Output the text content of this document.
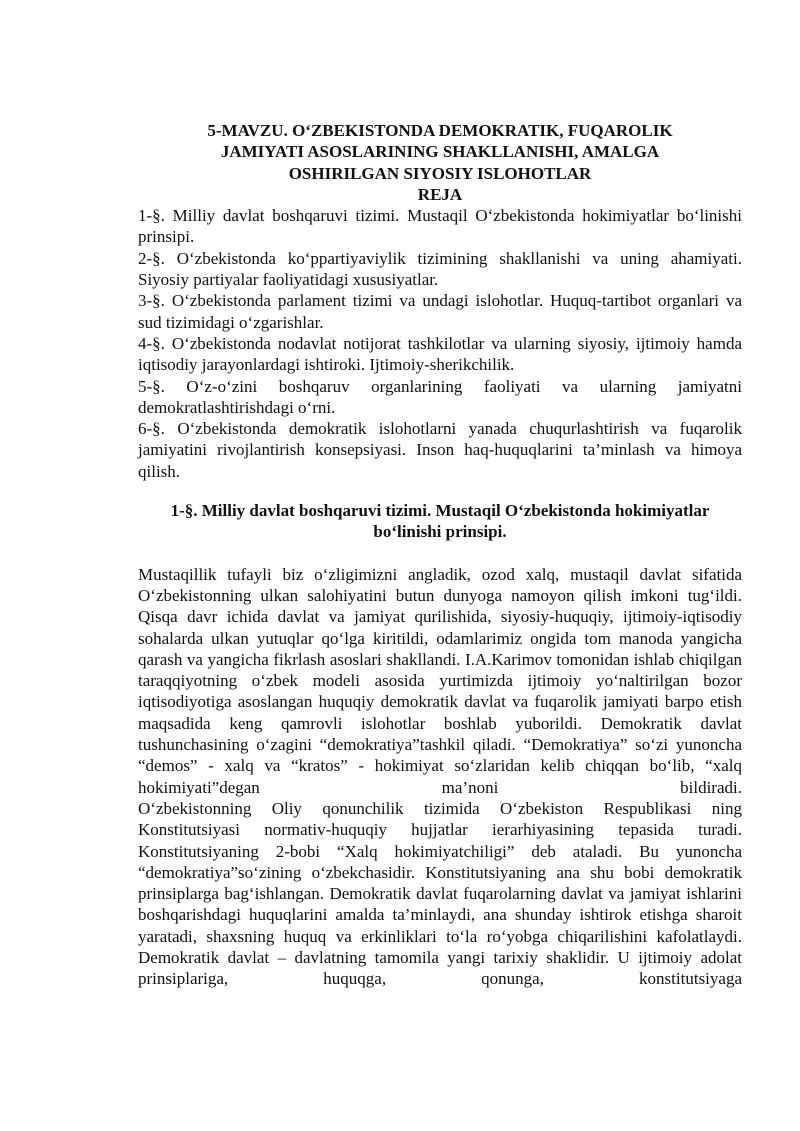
5-MAVZU. O‘ZBEKISTONDA DEMOKRATIK, FUQAROLIK
JAMIYATI ASOSLARINING SHAKLLANISHI, AMALGA
OSHIRILGAN SIYOSIY ISLOHOTLAR
REJA

1-§. Milliy davlat boshqaruvi tizimi. Mustaqil O‘zbekistonda hokimiyatlar bo‘linishi prinsipi.

2-§. O‘zbekistonda ko‘ppartiyaviylik tizimining shakllanishi va uning ahamiyati. Siyosiy partiyalar faoliyatidagi xususiyatlar.

3-§. O‘zbekistonda parlament tizimi va undagi islohotlar. Huquq-tartibot organlari va sud tizimidagi o‘zgarishlar.

4-§. O‘zbekistonda nodavlat notijorat tashkilotlar va ularning siyosiy, ijtimoiy hamda iqtisodiy jarayonlardagi ishtiroki. Ijtimoiy-sherikchilik.

5-§. O‘z-o‘zini boshqaruv organlarining faoliyati va ularning jamiyatni demokratlashtirishdagi o‘rni.

6-§. O‘zbekistonda demokratik islohotlarni yanada chuqurlashtirish va fuqarolik jamiyatini rivojlantirish konsepsiyasi. Inson haq-huquqlarini ta’minlash va himoya qilish.

1-§. Milliy davlat boshqaruvi tizimi. Mustaqil O‘zbekistonda hokimiyatlar bo‘linishi prinsipi.

Mustaqillik tufayli biz o‘zligimizni angladik, ozod xalq, mustaqil davlat sifatida O‘zbekistonning ulkan salohiyatini butun dunyoga namoyon qilish imkoni tug‘ildi. Qisqa davr ichida davlat va jamiyat qurilishida, siyosiy-huquqiy, ijtimoiy-iqtisodiy sohalarda ulkan yutuqlar qo‘lga kiritildi, odamlarimiz ongida tom manoda yangicha qarash va yangicha fikrlash asoslari shakllandi. I.A.Karimov tomonidan ishlab chiqilgan taraqqiyotning o‘zbek modeli asosida yurtimizda ijtimoiy yo‘naltirilgan bozor iqtisodiyotiga asoslangan huquqiy demokratik davlat va fuqarolik jamiyati barpo etish maqsadida keng qamrovli islohotlar boshlab yuborildi. Demokratik davlat tushunchasining o‘zagini “demokratiya”tashkil qiladi. “Demokratiya” so‘zi yunoncha “demos” - xalq va “kratos” - hokimiyat so‘zlaridan kelib chiqqan bo‘lib, “xalq hokimiyati”degan ma’noni bildiradi.

O‘zbekistonning Oliy qonunchilik tizimida O‘zbekiston Respublikasi ning Konstitutsiyasi normativ-huquqiy hujjatlar ierarhiyasining tepasida turadi. Konstitutsiyaning 2-bobi “Xalq hokimiyatchiligi” deb ataladi. Bu yunoncha “demokratiya”so‘zining o‘zbekchasidir. Konstitutsiyaning ana shu bobi demokratik prinsiplarga bag‘ishlangan. Demokratik davlat fuqarolarning davlat va jamiyat ishlarini boshqarishdagi huquqlarini amalda ta’minlaydi, ana shunday ishtirok etishga sharoit yaratadi, shaxsning huquq va erkinliklari to‘la ro‘yobga chiqarilishini kafolatlaydi.

Demokratik davlat – davlatning tamomila yangi tarixiy shaklidir. U ijtimoiy adolat prinsiplariga, huquqga, qonunga, konstitutsiyaga
